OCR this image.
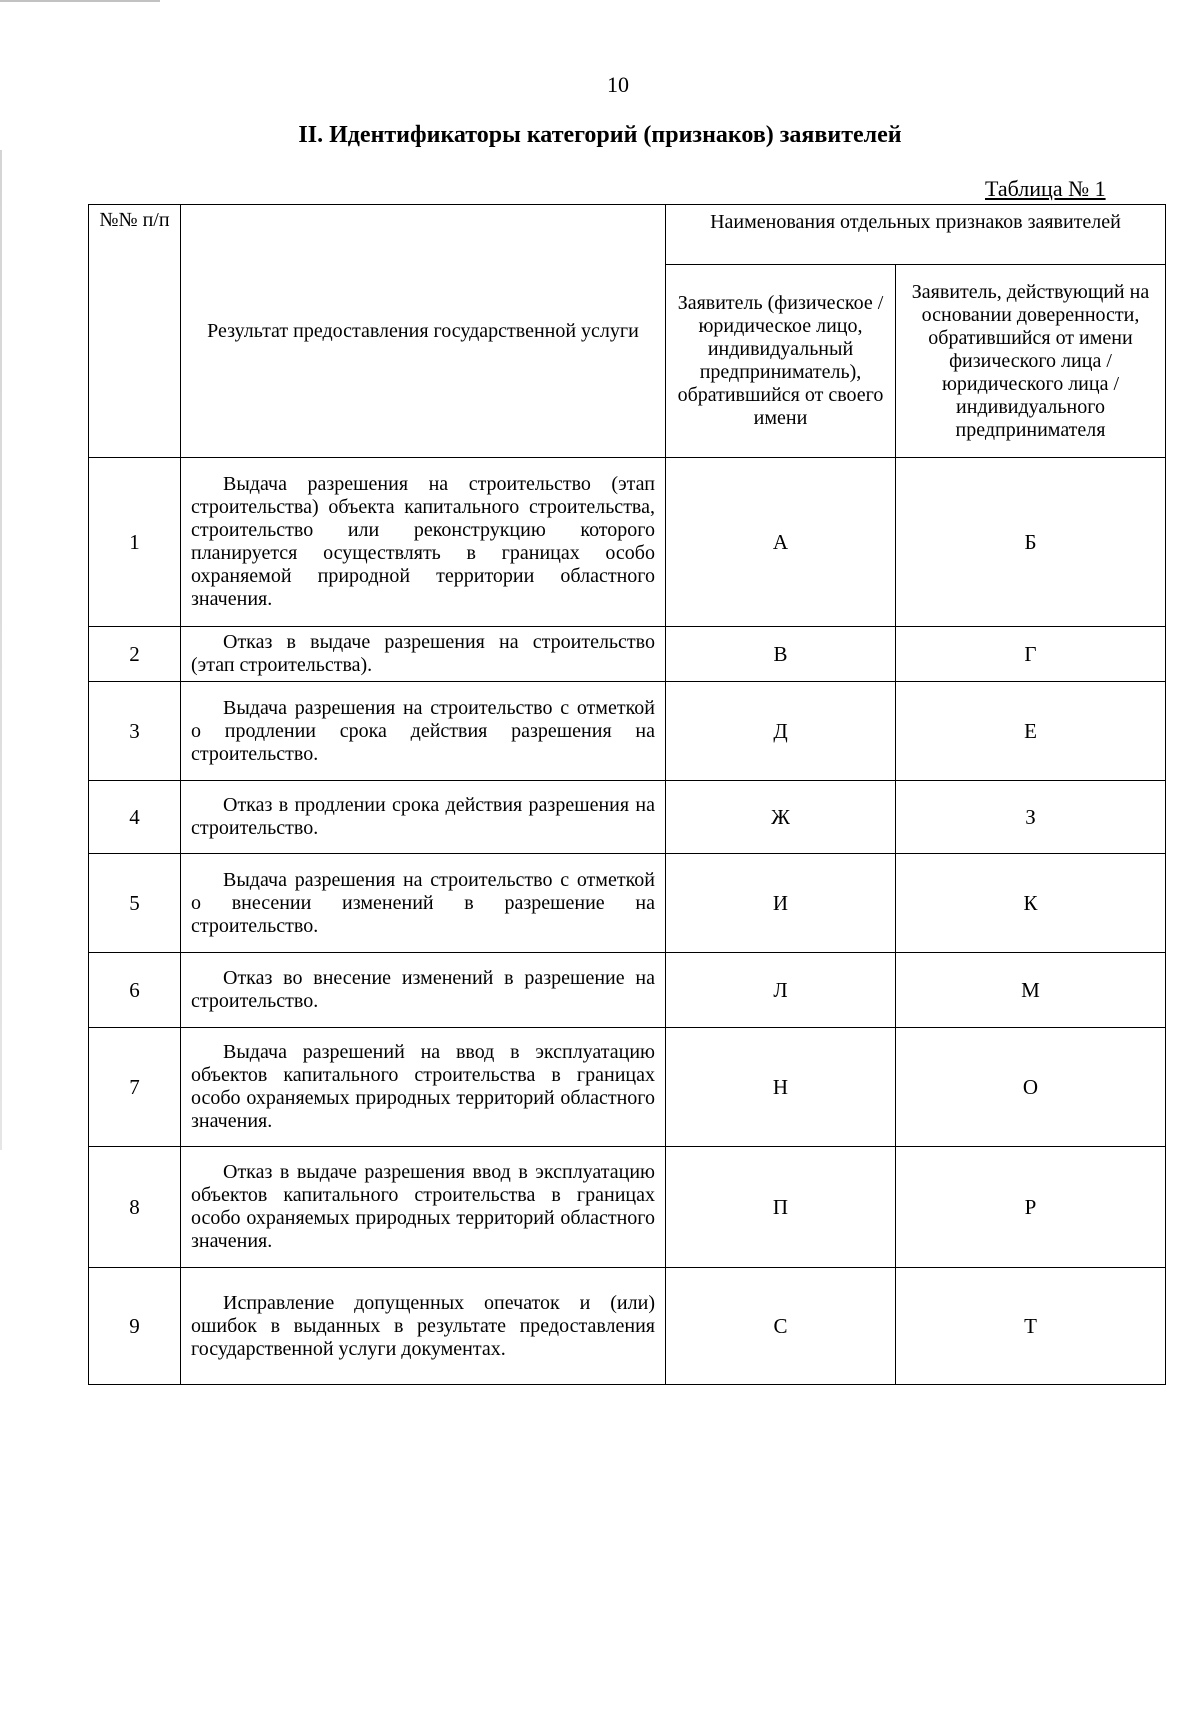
10
II. Идентификаторы категорий (признаков) заявителей
Таблица № 1
№№ п/п	Результат предоставления государственной услуги	Наименования отдельных признаков заявителей	
		Заявитель (физическое /юридическое лицо, индивидуальный предприниматель), обратившийся от своего имени	Заявитель, действующий на основании доверенности, обратившийся от имени физического лица / юридического лица / индивидуального предпринимателя
1	Выдача разрешения на строительство (этап строительства) объекта капитального строительства, строительство или реконструкцию которого планируется осуществлять в границах особо охраняемой природной территории областного значения.	А	Б
2	Отказ в выдаче разрешения на строительство (этап строительства).	В	Г
3	Выдача разрешения на строительство с отметкой о продлении срока действия разрешения на строительство.	Д	Е
4	Отказ в продлении срока действия разрешения на строительство.	Ж	З
5	Выдача разрешения на строительство с отметкой о внесении изменений в разрешение на строительство.	И	К
6	Отказ во внесение изменений в разрешение на строительство.	Л	М
7	Выдача разрешений на ввод в эксплуатацию объектов капитального строительства в границах особо охраняемых природных территорий областного значения.	Н	О
8	Отказ в выдаче разрешения ввод в эксплуатацию объектов капитального строительства в границах особо охраняемых природных территорий областного значения.	П	Р
9	Исправление допущенных опечаток и (или) ошибок в выданных в результате предоставления государственной услуги документах.	С	Т
